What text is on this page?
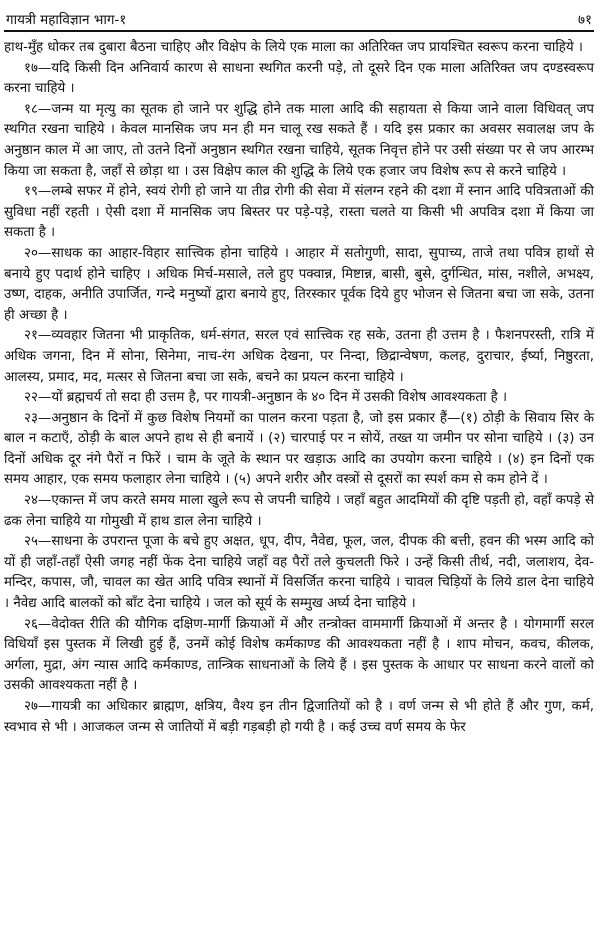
गायत्री महाविज्ञान भाग-१	७१

हाथ-मुँह धोकर तब दुबारा बैठना चाहिए और विक्षेप के लिये एक माला का अतिरिक्त जप प्रायश्चित स्वरूप करना चाहिये ।

१७—यदि किसी दिन अनिवार्य कारण से साधना स्थगित करनी पड़े, तो दूसरे दिन एक माला अतिरिक्त जप दण्डस्वरूप करना चाहिये ।

१८—जन्म या मृत्यु का सूतक हो जाने पर शुद्धि होने तक माला आदि की सहायता से किया जाने वाला विधिवत् जप स्थगित रखना चाहिये । केवल मानसिक जप मन ही मन चालू रख सकते हैं । यदि इस प्रकार का अवसर सवालक्ष जप के अनुष्ठान काल में आ जाए, तो उतने दिनों अनुष्ठान स्थगित रखना चाहिये, सूतक निवृत्त होने पर उसी संख्या पर से जप आरम्भ किया जा सकता है, जहाँ से छोड़ा था । उस विक्षेप काल की शुद्धि के लिये एक हजार जप विशेष रूप से करने चाहिये ।

१९—लम्बे सफर में होने, स्वयं रोगी हो जाने या तीव्र रोगी की सेवा में संलग्न रहने की दशा में स्नान आदि पवित्रताओं की सुविधा नहीं रहती । ऐसी दशा में मानसिक जप बिस्तर पर पड़े-पड़े, रास्ता चलते या किसी भी अपवित्र दशा में किया जा सकता है ।

२०—साधक का आहार-विहार सात्त्विक होना चाहिये । आहार में सतोगुणी, सादा, सुपाच्य, ताजे तथा पवित्र हाथों से बनाये हुए पदार्थ होने चाहिए । अधिक मिर्च-मसाले, तले हुए पक्वान्न, मिष्टान्न, बासी, बुसे, दुर्गन्धित, मांस, नशीले, अभक्ष्य, उष्ण, दाहक, अनीति उपार्जित, गन्दे मनुष्यों द्वारा बनाये हुए, तिरस्कार पूर्वक दिये हुए भोजन से जितना बचा जा सके, उतना ही अच्छा है ।

२१—व्यवहार जितना भी प्राकृतिक, धर्म-संगत, सरल एवं सात्त्विक रह सके, उतना ही उत्तम है । फैशनपरस्ती, रात्रि में अधिक जगना, दिन में सोना, सिनेमा, नाच-रंग अधिक देखना, पर निन्दा, छिद्रान्वेषण, कलह, दुराचार, ईर्ष्या, निष्ठुरता, आलस्य, प्रमाद, मद, मत्सर से जितना बचा जा सके, बचने का प्रयत्न करना चाहिये ।

२२—यों ब्रह्मचर्य तो सदा ही उत्तम है, पर गायत्री-अनुष्ठान के ४० दिन में उसकी विशेष आवश्यकता है ।

२३—अनुष्ठान के दिनों में कुछ विशेष नियमों का पालन करना पड़ता है, जो इस प्रकार हैं—(१) ठोड़ी के सिवाय सिर के बाल न कटाएँ, ठोड़ी के बाल अपने हाथ से ही बनायें । (२) चारपाई पर न सोयें, तख्त या जमीन पर सोना चाहिये । (३) उन दिनों अधिक दूर नंगे पैरों न फिरें । चाम के जूते के स्थान पर खड़ाऊ आदि का उपयोग करना चाहिये । (४) इन दिनों एक समय आहार, एक समय फलाहार लेना चाहिये । (५) अपने शरीर और वस्त्रों से दूसरों का स्पर्श कम से कम होने दें ।

२४—एकान्त में जप करते समय माला खुले रूप से जपनी चाहिये । जहाँ बहुत आदमियों की दृष्टि पड़ती हो, वहाँ कपड़े से ढक लेना चाहिये या गोमुखी में हाथ डाल लेना चाहिये ।

२५—साधना के उपरान्त पूजा के बचे हुए अक्षत, धूप, दीप, नैवेद्य, फूल, जल, दीपक की बत्ती, हवन की भस्म आदि को यों ही जहाँ-तहाँ ऐसी जगह नहीं फेंक देना चाहिये जहाँ वह पैरों तले कुचलती फिरे । उन्हें किसी तीर्थ, नदी, जलाशय, देव-मन्दिर, कपास, जौ, चावल का खेत आदि पवित्र स्थानों में विसर्जित करना चाहिये । चावल चिड़ियों के लिये डाल देना चाहिये । नैवेद्य आदि बालकों को बाँट देना चाहिये । जल को सूर्य के सम्मुख अर्घ्य देना चाहिये ।

२६—वेदोक्त रीति की यौगिक दक्षिण-मार्गी क्रियाओं में और तन्त्रोक्त वाममार्गी क्रियाओं में अन्तर है । योगमार्गी सरल विधियाँ इस पुस्तक में लिखी हुई हैं, उनमें कोई विशेष कर्मकाण्ड की आवश्यकता नहीं है । शाप मोचन, कवच, कीलक, अर्गला, मुद्रा, अंग न्यास आदि कर्मकाण्ड, तान्त्रिक साधनाओं के लिये हैं । इस पुस्तक के आधार पर साधना करने वालों को उसकी आवश्यकता नहीं है ।

२७—गायत्री का अधिकार ब्राह्मण, क्षत्रिय, वैश्य इन तीन द्विजातियों को है । वर्ण जन्म से भी होते हैं और गुण, कर्म, स्वभाव से भी । आजकल जन्म से जातियों में बड़ी गड़बड़ी हो गयी है । कई उच्च वर्ण समय के फेर
